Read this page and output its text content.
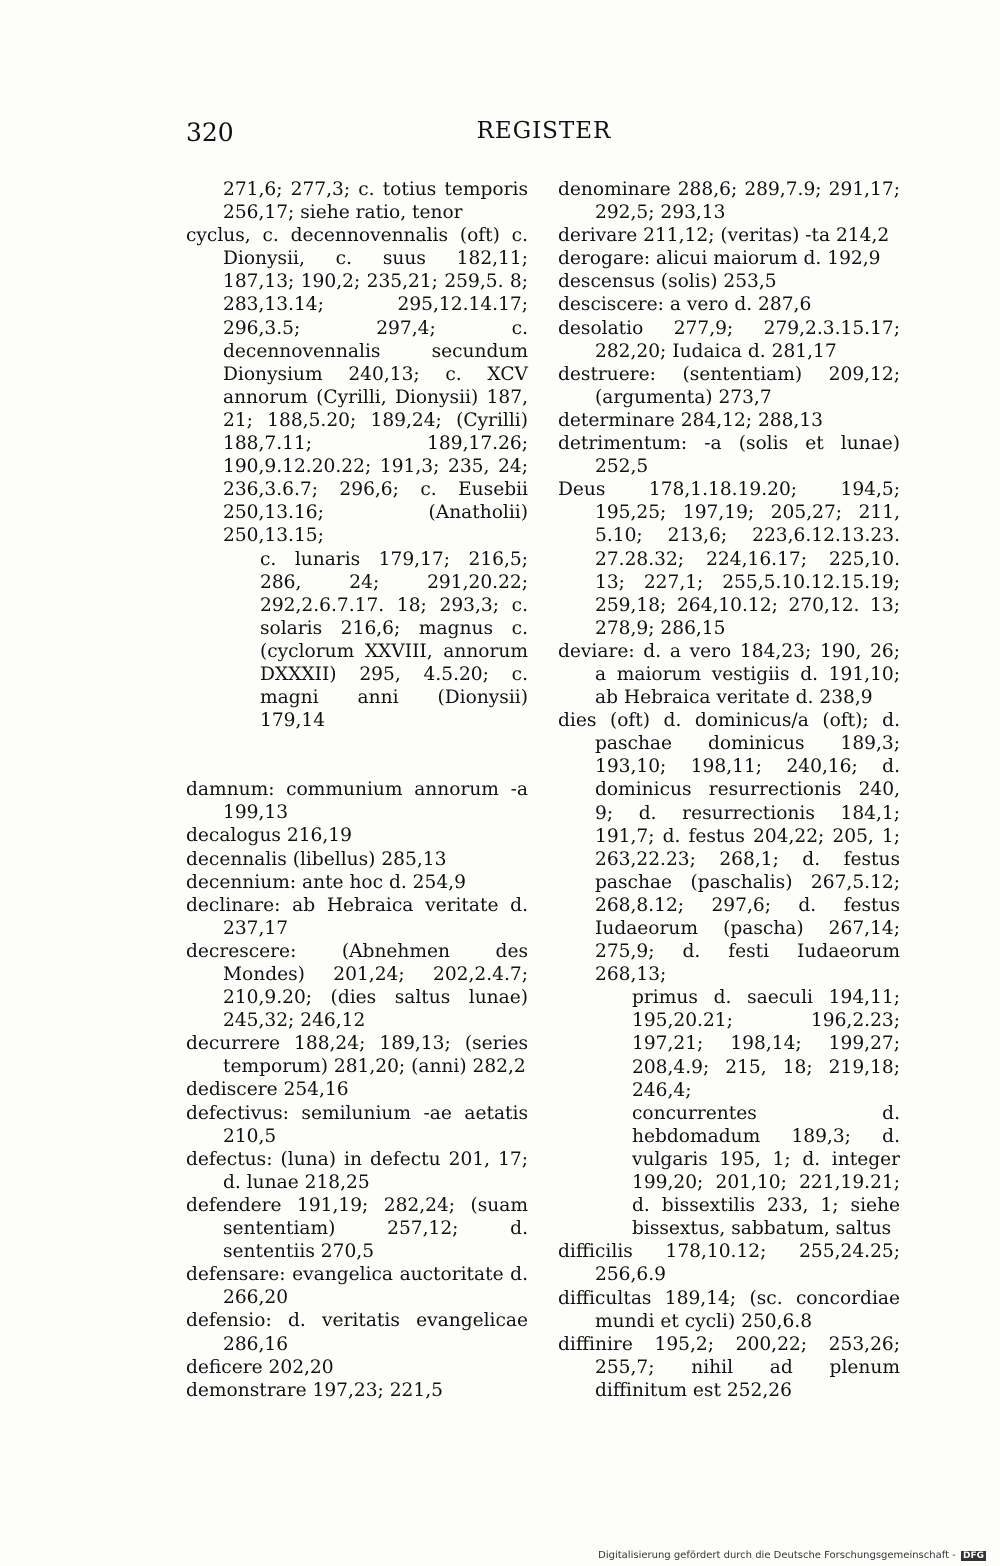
320	REGISTER
271,6; 277,3; c. totius temporis 256,17; siehe ratio, tenor
cyclus, c. decennovennalis (oft) c. Dionysii, c. suus 182,11; 187,13; 190,2; 235,21; 259,5. 8; 283,13.14; 295,12.14.17; 296,3.5; 297,4; c. decennovennalis secundum Dionysium 240,13; c. XCV annorum (Cyrilli, Dionysii) 187, 21; 188,5.20; 189,24; (Cyrilli) 188,7.11; 189,17.26; 190,9.12.20.22; 191,3; 235, 24; 236,3.6.7; 296,6; c. Eusebii 250,13.16; (Anatholii) 250,13.15;
c. lunaris 179,17; 216,5; 286, 24; 291,20.22; 292,2.6.7.17. 18; 293,3; c. solaris 216,6; magnus c. (cyclorum XXVIII, annorum DXXXII) 295, 4.5.20; c. magni anni (Dionysii) 179,14
damnum: communium annorum -a 199,13
decalogus 216,19
decennalis (libellus) 285,13
decennium: ante hoc d. 254,9
declinare: ab Hebraica veritate d. 237,17
decrescere: (Abnehmen des Mondes) 201,24; 202,2.4.7; 210,9.20; (dies saltus lunae) 245,32; 246,12
decurrere 188,24; 189,13; (series temporum) 281,20; (anni) 282,2
dediscere 254,16
defectivus: semilunium -ae aetatis 210,5
defectus: (luna) in defectu 201, 17; d. lunae 218,25
defendere 191,19; 282,24; (suam sententiam) 257,12; d. sententiis 270,5
defensare: evangelica auctoritate d. 266,20
defensio: d. veritatis evangelicae 286,16
deficere 202,20
demonstrare 197,23; 221,5
denominare 288,6; 289,7.9; 291,17; 292,5; 293,13
derivare 211,12; (veritas) -ta 214,2
derogare: alicui maiorum d. 192,9
descensus (solis) 253,5
desciscere: a vero d. 287,6
desolatio 277,9; 279,2.3.15.17; 282,20; Iudaica d. 281,17
destruere: (sententiam) 209,12; (argumenta) 273,7
determinare 284,12; 288,13
detrimentum: -a (solis et lunae) 252,5
Deus 178,1.18.19.20; 194,5; 195,25; 197,19; 205,27; 211, 5.10; 213,6; 223,6.12.13.23. 27.28.32; 224,16.17; 225,10. 13; 227,1; 255,5.10.12.15.19; 259,18; 264,10.12; 270,12. 13; 278,9; 286,15
deviare: d. a vero 184,23; 190, 26; a maiorum vestigiis d. 191,10; ab Hebraica veritate d. 238,9
dies (oft) d. dominicus/a (oft); d. paschae dominicus 189,3; 193,10; 198,11; 240,16; d. dominicus resurrectionis 240, 9; d. resurrectionis 184,1; 191,7; d. festus 204,22; 205, 1; 263,22.23; 268,1; d. festus paschae (paschalis) 267,5.12; 268,8.12; 297,6; d. festus Iudaeorum (pascha) 267,14; 275,9; d. festi Iudaeorum 268,13;
primus d. saeculi 194,11; 195,20.21; 196,2.23; 197,21; 198,14; 199,27; 208,4.9; 215, 18; 219,18; 246,4;
concurrentes d. hebdomadum 189,3; d. vulgaris 195, 1; d. integer 199,20; 201,10; 221,19.21; d. bissextilis 233, 1; siehe bissextus, sabbatum, saltus
difficilis 178,10.12; 255,24.25; 256,6.9
difficultas 189,14; (sc. concordiae mundi et cycli) 250,6.8
diffinire 195,2; 200,22; 253,26; 255,7; nihil ad plenum diffinitum est 252,26
Digitalisierung gefördert durch die Deutsche Forschungsgemeinschaft - DFG
